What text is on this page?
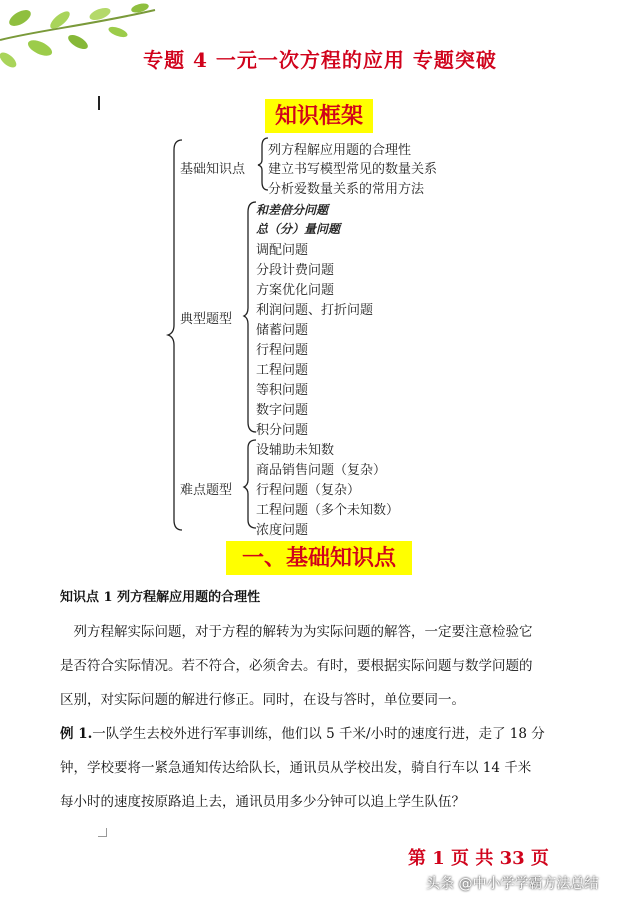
专题 4 一元一次方程的应用 专题突破
知识框架
基础知识点
列方程解应用题的合理性
建立书写模型常见的数量关系
分析爱数量关系的常用方法
典型题型
和差倍分问题
总（分）量问题
调配问题
分段计费问题
方案优化问题
利润问题、打折问题
储蓄问题
行程问题
工程问题
等积问题
数字问题
积分问题
难点题型
设辅助未知数
商品销售问题（复杂）
行程问题（复杂）
工程问题（多个未知数）
浓度问题
一、基础知识点
知识点 1 列方程解应用题的合理性
　列方程解实际问题，对于方程的解转为为实际问题的解答，一定要注意检验它
是否符合实际情况。若不符合，必须舍去。有时，要根据实际问题与数学问题的
区别，对实际问题的解进行修正。同时，在设与答时，单位要同一。
例 1.一队学生去校外进行军事训练，他们以 5 千米/小时的速度行进，走了 18 分
钟，学校要将一紧急通知传达给队长，通讯员从学校出发，骑自行车以 14 千米
每小时的速度按原路追上去，通讯员用多少分钟可以追上学生队伍？
第 1 页 共 33 页
头条 @中小学学霸方法总结
